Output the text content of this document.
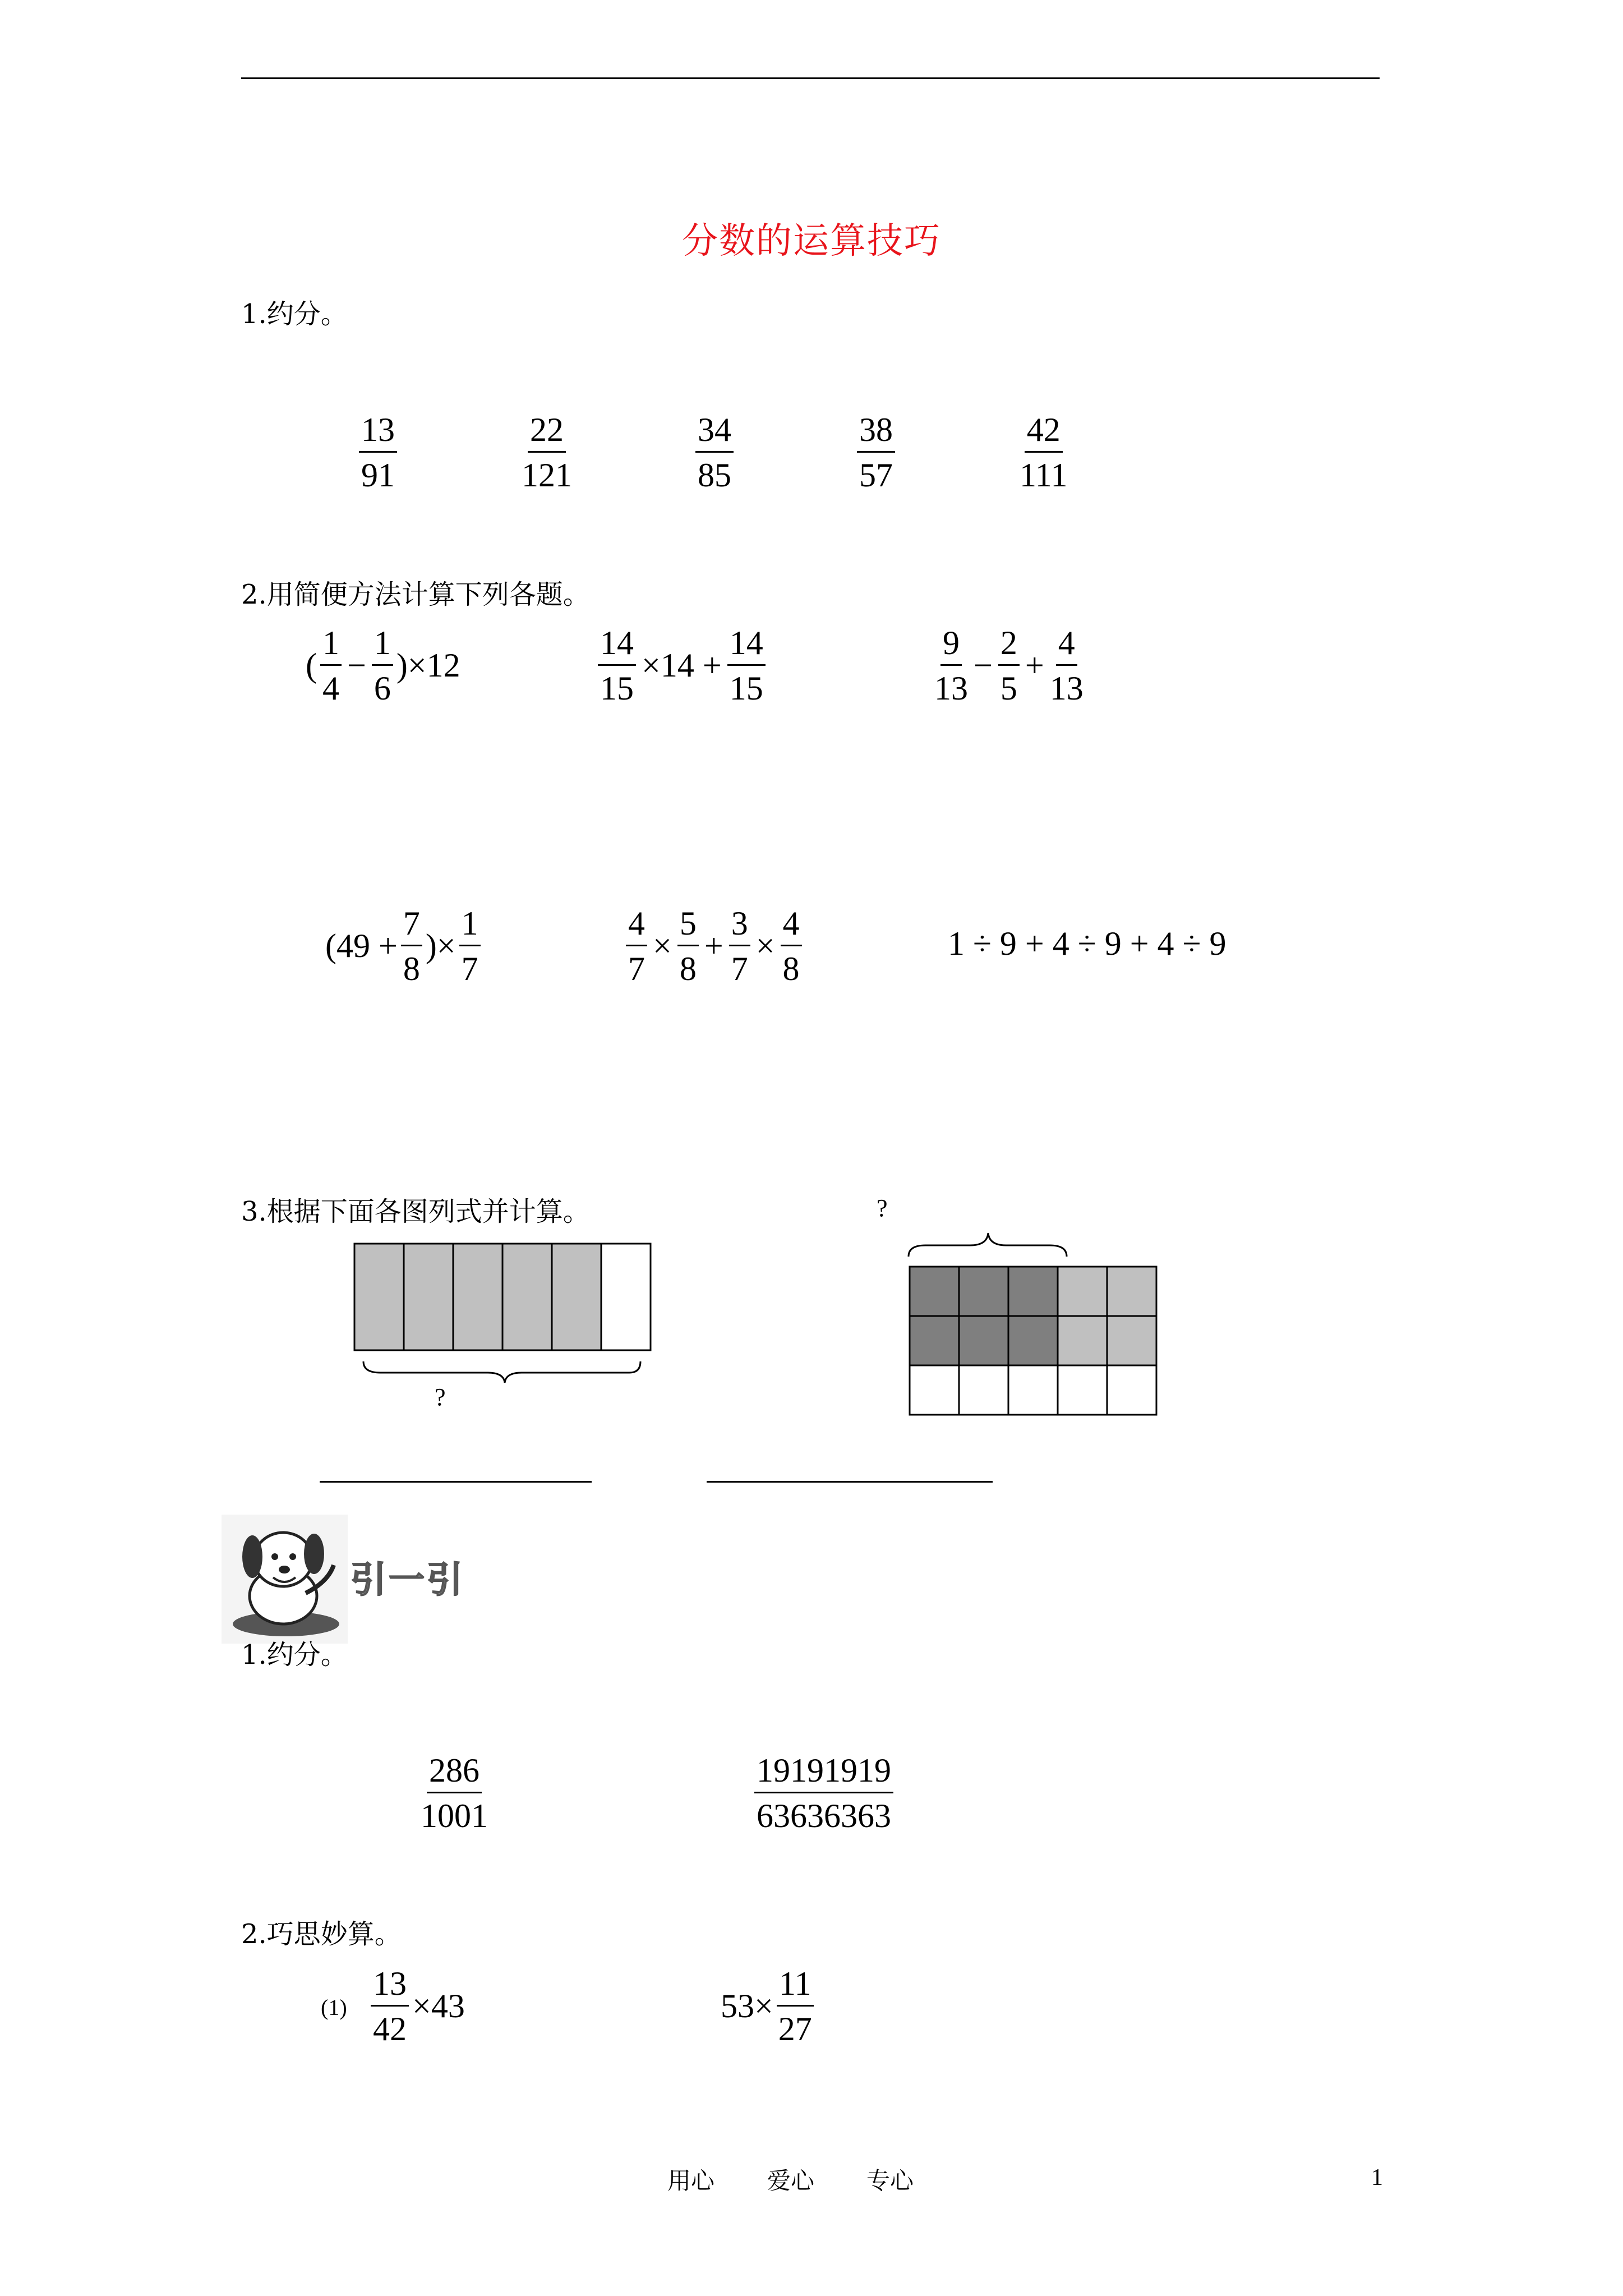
分数的运算技巧
1.约分。
$\frac{13}{91}$	$\frac{22}{121}$	$\frac{34}{85}$	$\frac{38}{57}$	$\frac{42}{111}$
2.用简便方法计算下列各题。
( $\frac{1}{4} - \frac{1}{6} )\times 12$	$\frac{14}{15} \times 14 + \frac{14}{15}$	$\frac{9}{13} - \frac{2}{5} + \frac{4}{13}$
($49 + \frac{7}{8}$ )× $\frac{1}{7}$	$\frac{4}{7} \times \frac{5}{8} + \frac{3}{7} \times \frac{4}{8}$	1 ÷ 9 + 4 ÷ 9 + 4 ÷ 9
3.根据下面各图列式并计算。	?
?
引一引
1.约分。
$\frac{286}{1001}$	$\frac{19191919}{63636363}$
2.巧思妙算。
$(1) \frac{13}{42} \times 43$	$53\times \frac{11}{27}$
用心 爱心 专心	1
